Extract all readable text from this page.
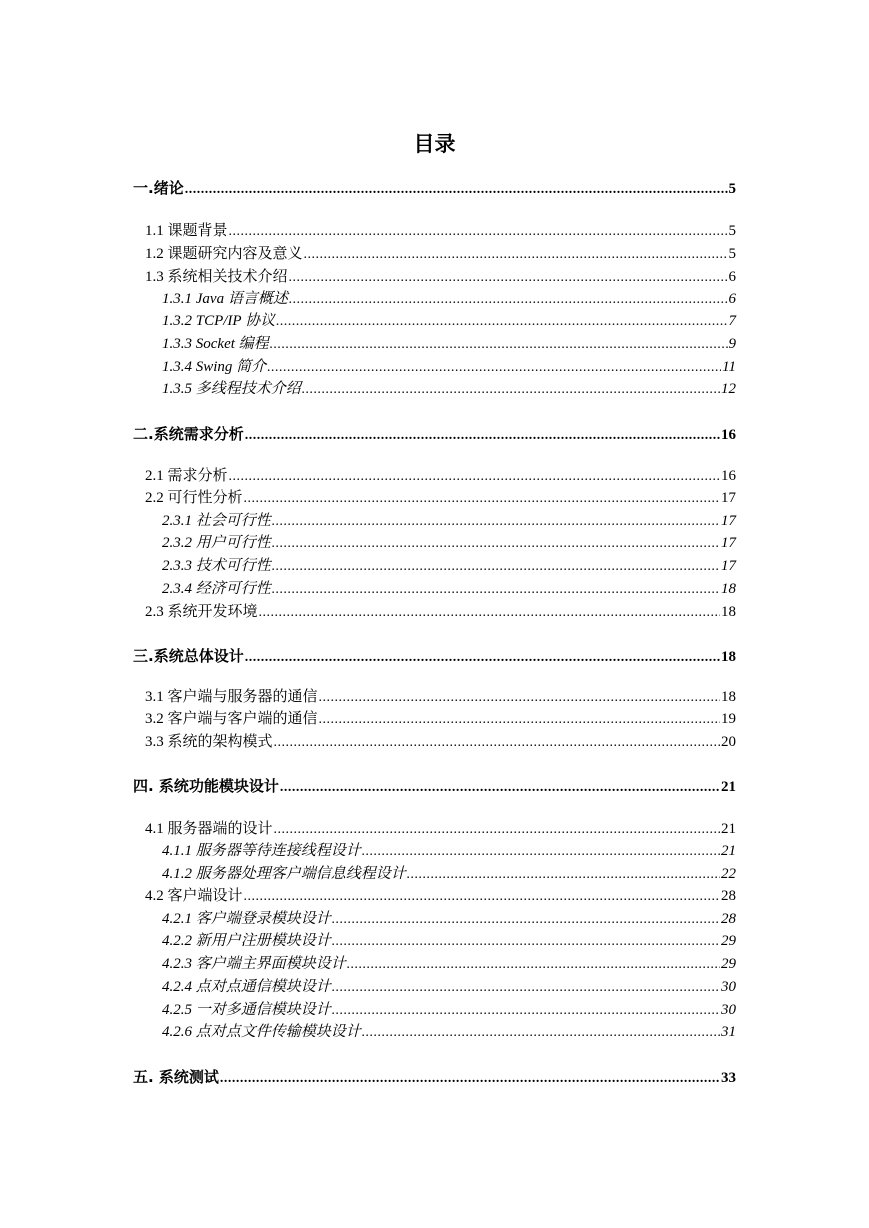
目录
一.绪论 .....	5
1.1 课题背景 .....	5
1.2 课题研究内容及意义 .....	5
1.3 系统相关技术介绍 .....	6
1.3.1 Java 语言概述 .....	6
1.3.2 TCP/IP 协议 .....	7
1.3.3 Socket 编程 .....	9
1.3.4 Swing 简介 .....	11
1.3.5 多线程技术介绍 .....	12
二.系统需求分析 .....	16
2.1 需求分析 .....	16
2.2 可行性分析 .....	17
2.3.1 社会可行性 .....	17
2.3.2 用户可行性 .....	17
2.3.3 技术可行性 .....	17
2.3.4 经济可行性 .....	18
2.3 系统开发环境 .....	18
三.系统总体设计 .....	18
3.1 客户端与服务器的通信 .....	18
3.2 客户端与客户端的通信 .....	19
3.3 系统的架构模式 .....	20
四. 系统功能模块设计 .....	21
4.1 服务器端的设计 .....	21
4.1.1 服务器等待连接线程设计 .....	21
4.1.2 服务器处理客户端信息线程设计 .....	22
4.2 客户端设计 .....	28
4.2.1 客户端登录模块设计 .....	28
4.2.2 新用户注册模块设计 .....	29
4.2.3 客户端主界面模块设计 .....	29
4.2.4 点对点通信模块设计 .....	30
4.2.5 一对多通信模块设计 .....	30
4.2.6 点对点文件传输模块设计 .....	31
五. 系统测试 .....	33
